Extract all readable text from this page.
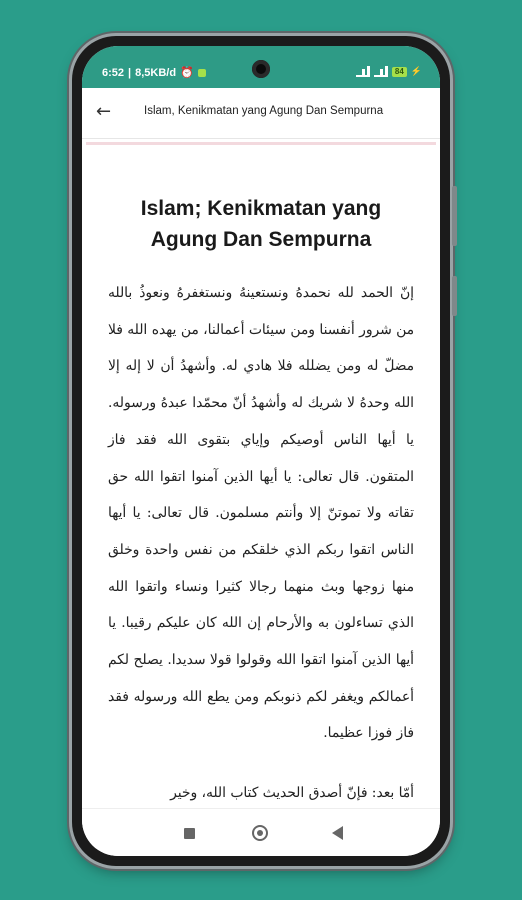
6:52 | 8,5KB/d ⏰	84 ⚡
←	Islam, Kenikmatan yang Agung Dan Sempurna
Islam; Kenikmatan yang
Agung Dan Sempurna
إنّ الحمد لله نحمدهُ ونستعينهُ ونستغفرهُ ونعوذُ بالله من شرور أنفسنا ومن سيئات أعمالنا، من يهده الله فلا مضلّ له ومن يضلله فلا هادي له. وأشهدُ أن لا إله إلا الله وحدهُ لا شريك له وأشهدُ أنّ محمّدا عبدهُ ورسوله. يا أيها الناس أوصيكم وإياي بتقوى الله فقد فاز المتقون. قال تعالى: يا أيها الذين آمنوا اتقوا الله حق تقاته ولا تموتنّ إلا وأنتم مسلمون. قال تعالى: يا أيها الناس اتقوا ربكم الذي خلقكم من نفس واحدة وخلق منها زوجها وبث منهما رجالا كثيرا ونساء واتقوا الله الذي تساءلون به والأرحام إن الله كان عليكم رقيبا. يا أيها الذين آمنوا اتقوا الله وقولوا قولا سديدا. يصلح لكم أعمالكم ويغفر لكم ذنوبكم ومن يطع الله ورسوله فقد فاز فوزا عظيما.
أمّا بعد: فإنّ أصدق الحديث كتاب الله، وخير
